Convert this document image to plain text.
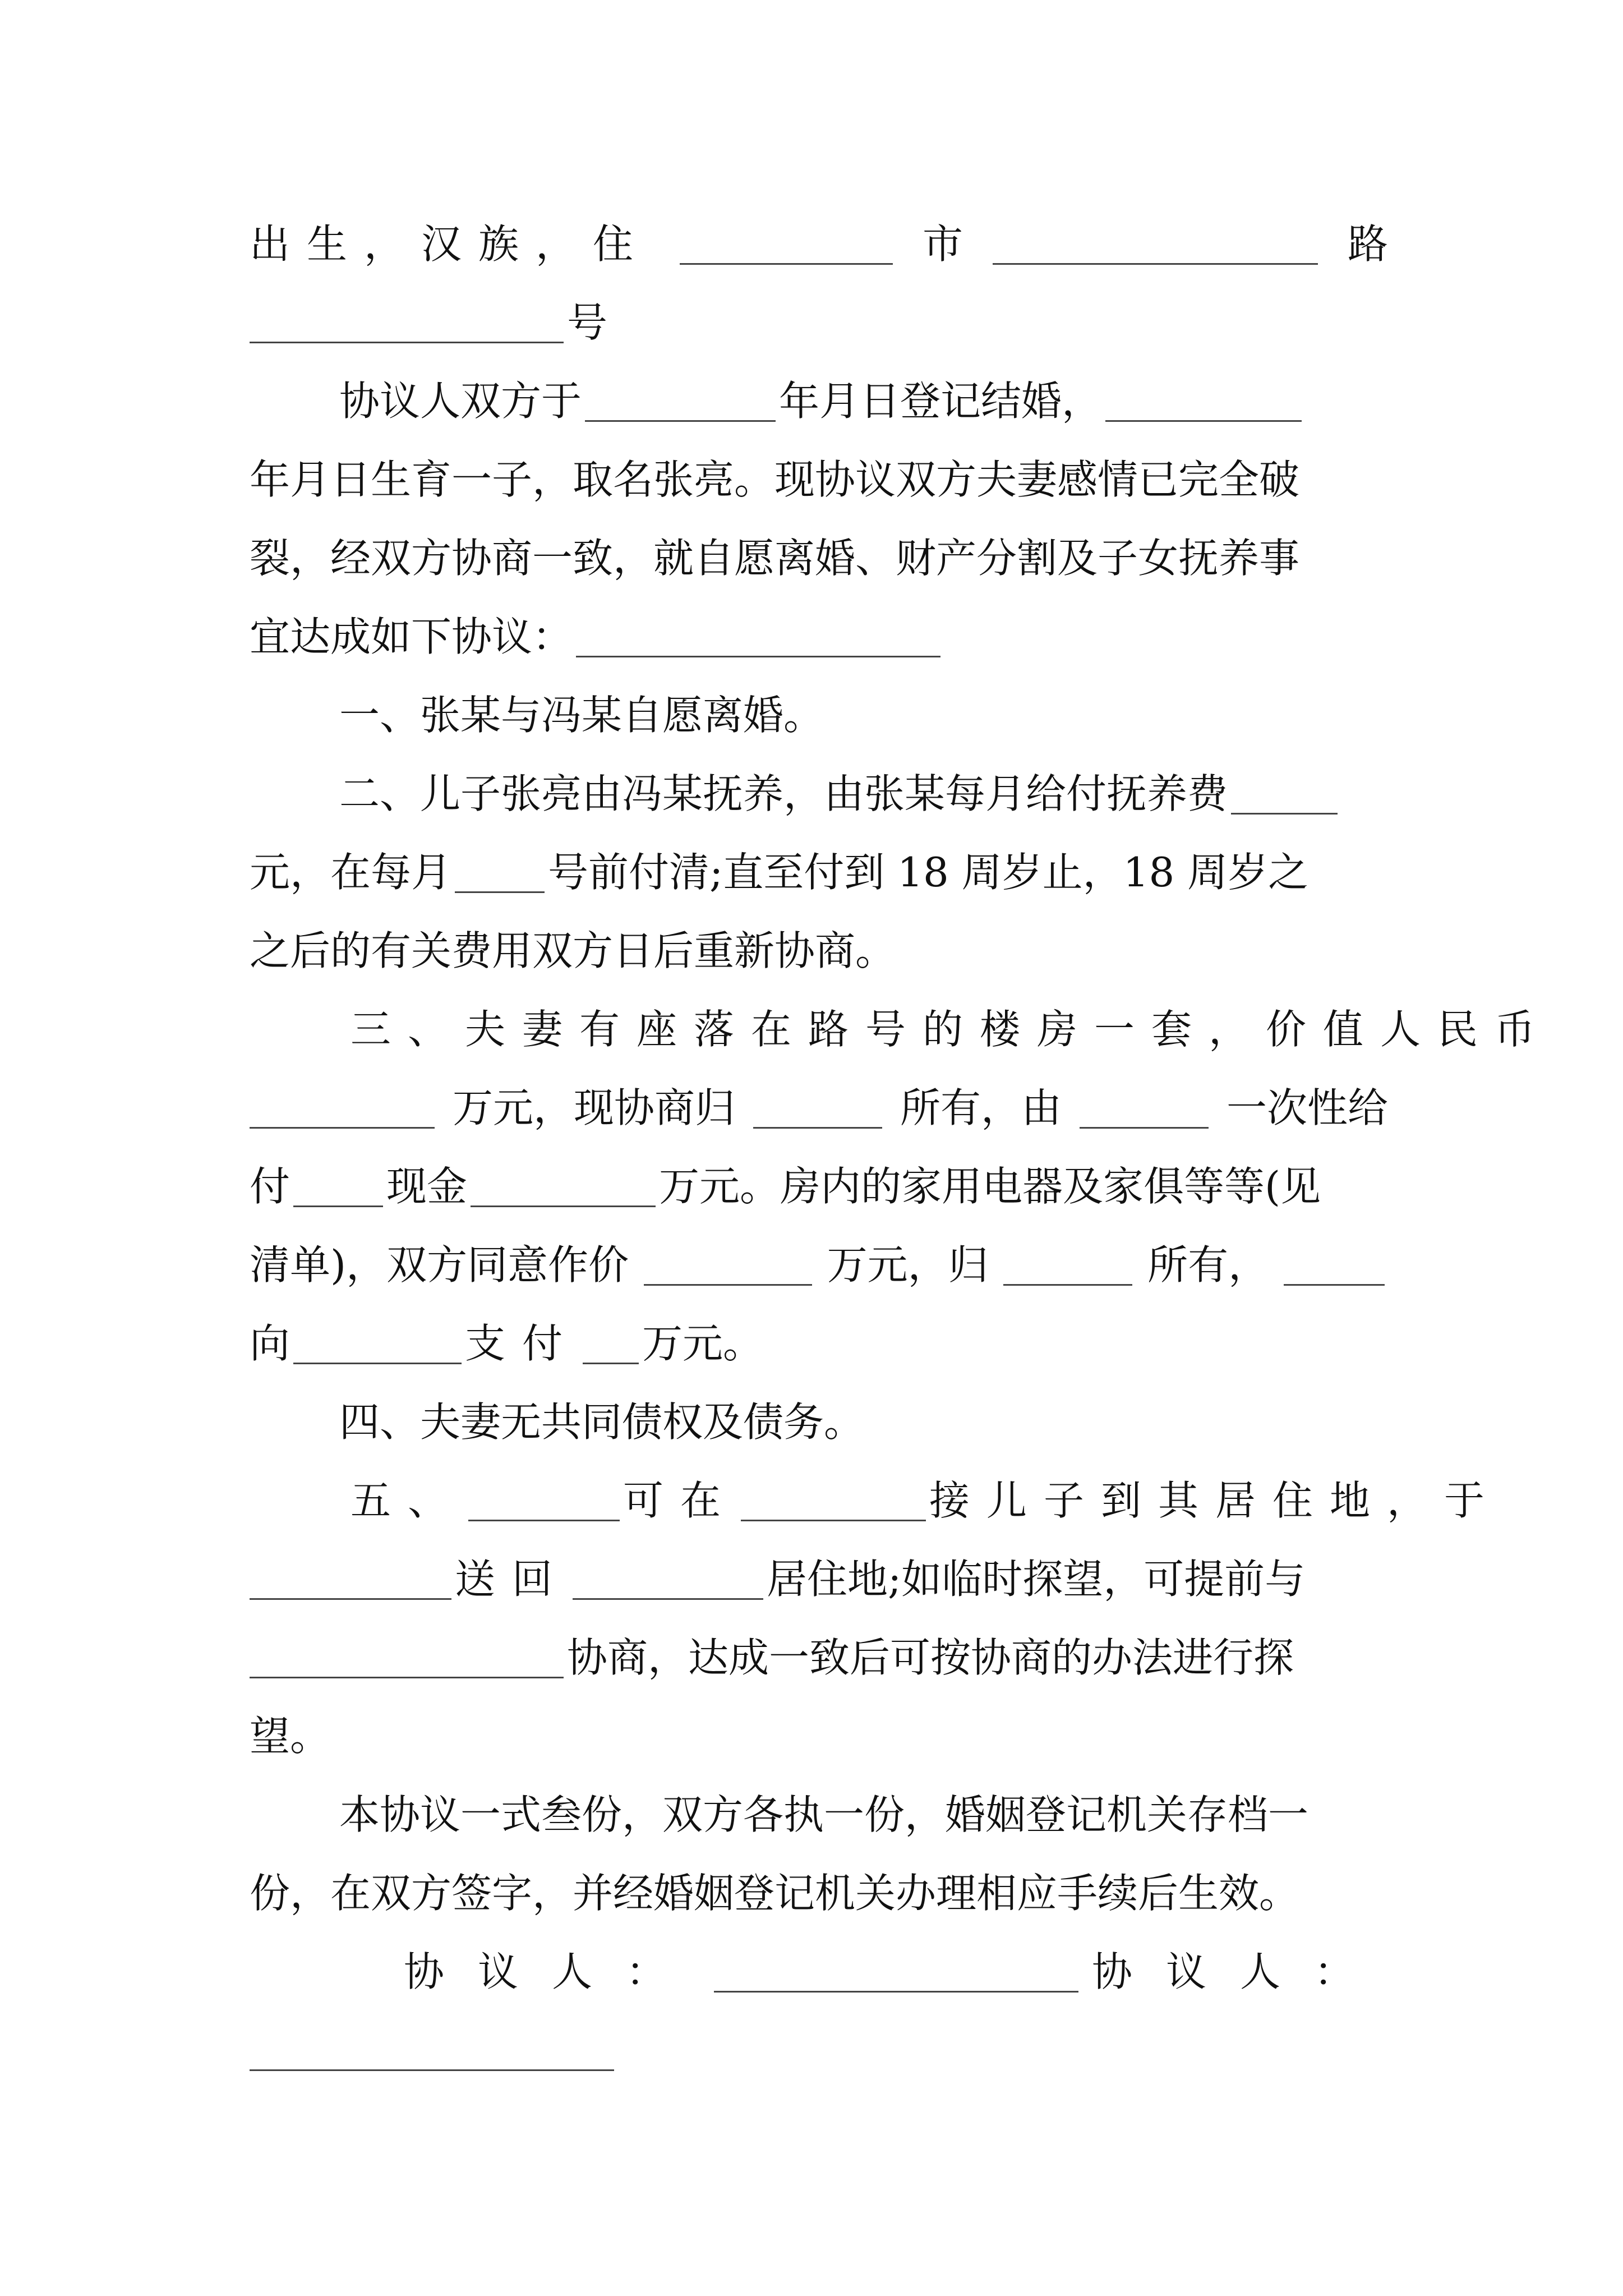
出生，汉族，住	市	路
号
协议人双方于	年月日登记结婚，
年月日生育一子，取名张亮。现协议双方夫妻感情已完全破
裂，经双方协商一致，就自愿离婚、财产分割及子女抚养事
宜达成如下协议：
一、张某与冯某自愿离婚。
二、儿子张亮由冯某抚养，由张某每月给付抚养费
元，在每月 号前付清;直至付到 18 周岁止，18 周岁之
之后的有关费用双方日后重新协商。
三、夫妻有座落在路号的楼房一套，价值人民币
万元，现协商归	所有，由	一次性给
付 现金	万元。房内的家用电器及家俱等等(见
清单)，双方同意作价	万元，归	所有，
向	支付 万元。
四、夫妻无共同债权及债务。
五、	可在	接儿子到其居住地，于
送回	居住地;如临时探望，可提前与
协商，达成一致后可按协商的办法进行探
望。
本协议一式叁份，双方各执一份，婚姻登记机关存档一
份，在双方签字，并经婚姻登记机关办理相应手续后生效。
协议人：	协议人：
